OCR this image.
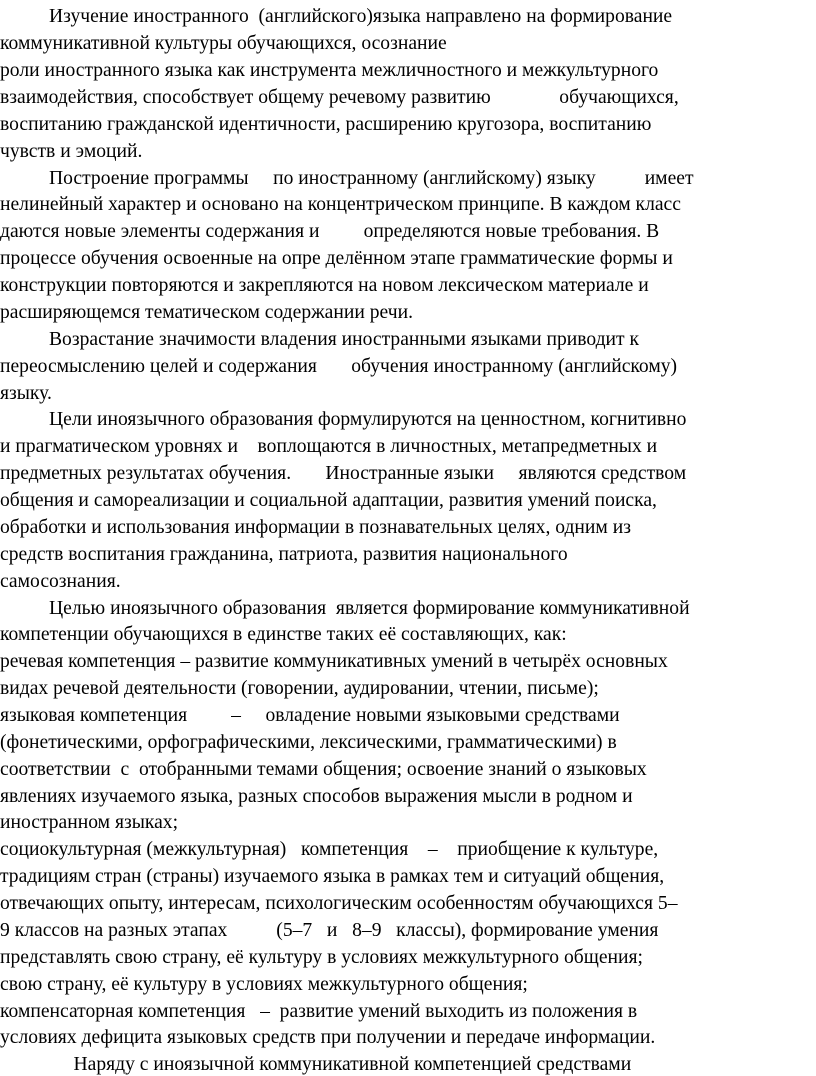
Изучение иностранного  (английского)языка направлено на формирование

коммуникативной культуры обучающихся, осознание

роли иностранного языка как инструмента межличностного и межкультурного

взаимодействия, способствует общему речевому развитию              обучающихся,

воспитанию гражданской идентичности, расширению кругозора, воспитанию

чувств и эмоций.

Построение программы     по иностранному (английскому) языку          имеет

нелинейный характер и основано на концентрическом принципе. В каждом класс

даются новые элементы содержания и         определяются новые требования. В

процессе обучения освоенные на опре делённом этапе грамматические формы и

конструкции повторяются и закрепляются на новом лексическом материале и

расширяющемся тематическом содержании речи.

Возрастание значимости владения иностранными языками приводит к

переосмыслению целей и содержания       обучения иностранному (английскому)

языку.

Цели иноязычного образования формулируются на ценностном, когнитивно

и прагматическом уровнях и    воплощаются в личностных, метапредметных и

предметных результатах обучения.       Иностранные языки     являются средством

общения и самореализации и социальной адаптации, развития умений поиска,

обработки и использования информации в познавательных целях, одним из

средств воспитания гражданина, патриота, развития национального

самосознания.

Целью иноязычного образования  является формирование коммуникативной

компетенции обучающихся в единстве таких её составляющих, как:

речевая компетенция – развитие коммуникативных умений в четырёх основных

видах речевой деятельности (говорении, аудировании, чтении, письме);

языковая компетенция         –     овладение новыми языковыми средствами

(фонетическими, орфографическими, лексическими, грамматическими) в

соответствии  с  отобранными темами общения; освоение знаний о языковых

явлениях изучаемого языка, разных способов выражения мысли в родном и

иностранном языках;

социокультурная (межкультурная)   компетенция    –    приобщение к культуре,

традициям стран (страны) изучаемого языка в рамках тем и ситуаций общения,

отвечающих опыту, интересам, психологическим особенностям обучающихся 5–

9 классов на разных этапах          (5–7   и   8–9   классы), формирование умения

представлять свою страну, её культуру в условиях межкультурного общения;

свою страну, её культуру в условиях межкультурного общения;

компенсаторная компетенция   –  развитие умений выходить из положения в

условиях дефицита языковых средств при получении и передаче информации.

Наряду с иноязычной коммуникативной компетенцией средствами
